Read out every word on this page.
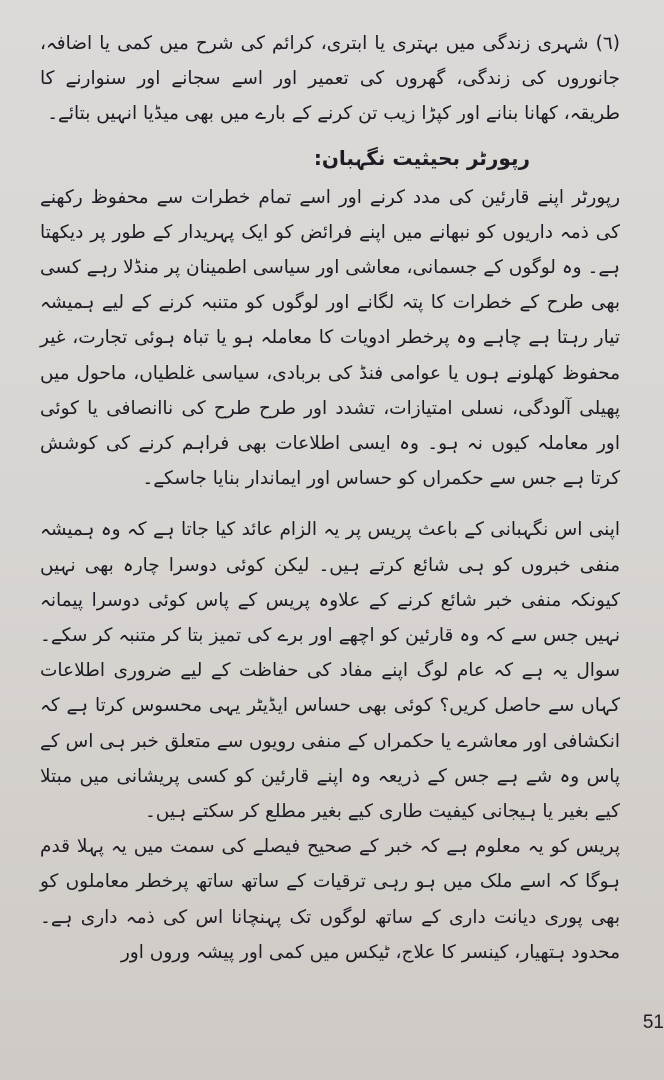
(٦) شہری زندگی میں بہتری یا ابتری، کرائم کی شرح میں کمی یا اضافہ، جانوروں کی زندگی، گھروں کی تعمیر اور اسے سجانے اور سنوارنے کا طریقہ، کھانا بنانے اور کپڑا زیب تن کرنے کے بارے میں بھی میڈیا انہیں بتائے۔

رپورٹر بحیثیت نگہبان:

رپورٹر اپنے قارئین کی مدد کرنے اور اسے تمام خطرات سے محفوظ رکھنے کی ذمہ داریوں کو نبھانے میں اپنے فرائض کو ایک پہریدار کے طور پر دیکھتا ہے۔ وہ لوگوں کے جسمانی، معاشی اور سیاسی اطمینان پر منڈلا رہے کسی بھی طرح کے خطرات کا پتہ لگانے اور لوگوں کو متنبہ کرنے کے لیے ہمیشہ تیار رہتا ہے چاہے وہ پرخطر ادویات کا معاملہ ہو یا تباہ ہوئی تجارت، غیر محفوظ کھلونے ہوں یا عوامی فنڈ کی بربادی، سیاسی غلطیاں، ماحول میں پھیلی آلودگی، نسلی امتیازات، تشدد اور طرح طرح کی ناانصافی یا کوئی اور معاملہ کیوں نہ ہو۔ وہ ایسی اطلاعات بھی فراہم کرنے کی کوشش کرتا ہے جس سے حکمراں کو حساس اور ایماندار بنایا جاسکے۔

اپنی اس نگہبانی کے باعث پریس پر یہ الزام عائد کیا جاتا ہے کہ وہ ہمیشہ منفی خبروں کو ہی شائع کرتے ہیں۔ لیکن کوئی دوسرا چارہ بھی نہیں کیونکہ منفی خبر شائع کرنے کے علاوہ پریس کے پاس کوئی دوسرا پیمانہ نہیں جس سے کہ وہ قارئین کو اچھے اور برے کی تمیز بتا کر متنبہ کر سکے۔ سوال یہ ہے کہ عام لوگ اپنے مفاد کی حفاظت کے لیے ضروری اطلاعات کہاں سے حاصل کریں؟ کوئی بھی حساس ایڈیٹر یہی محسوس کرتا ہے کہ انکشافی اور معاشرے یا حکمراں کے منفی رویوں سے متعلق خبر ہی اس کے پاس وہ شے ہے جس کے ذریعہ وہ اپنے قارئین کو کسی پریشانی میں مبتلا کیے بغیر یا ہیجانی کیفیت طاری کیے بغیر مطلع کر سکتے ہیں۔

پریس کو یہ معلوم ہے کہ خبر کے صحیح فیصلے کی سمت میں یہ پہلا قدم ہوگا کہ اسے ملک میں ہو رہی ترقیات کے ساتھ ساتھ پرخطر معاملوں کو بھی پوری دیانت داری کے ساتھ لوگوں تک پہنچانا اس کی ذمہ داری ہے۔ محدود ہتھیار، کینسر کا علاج، ٹیکس میں کمی اور پیشہ وروں اور

51
